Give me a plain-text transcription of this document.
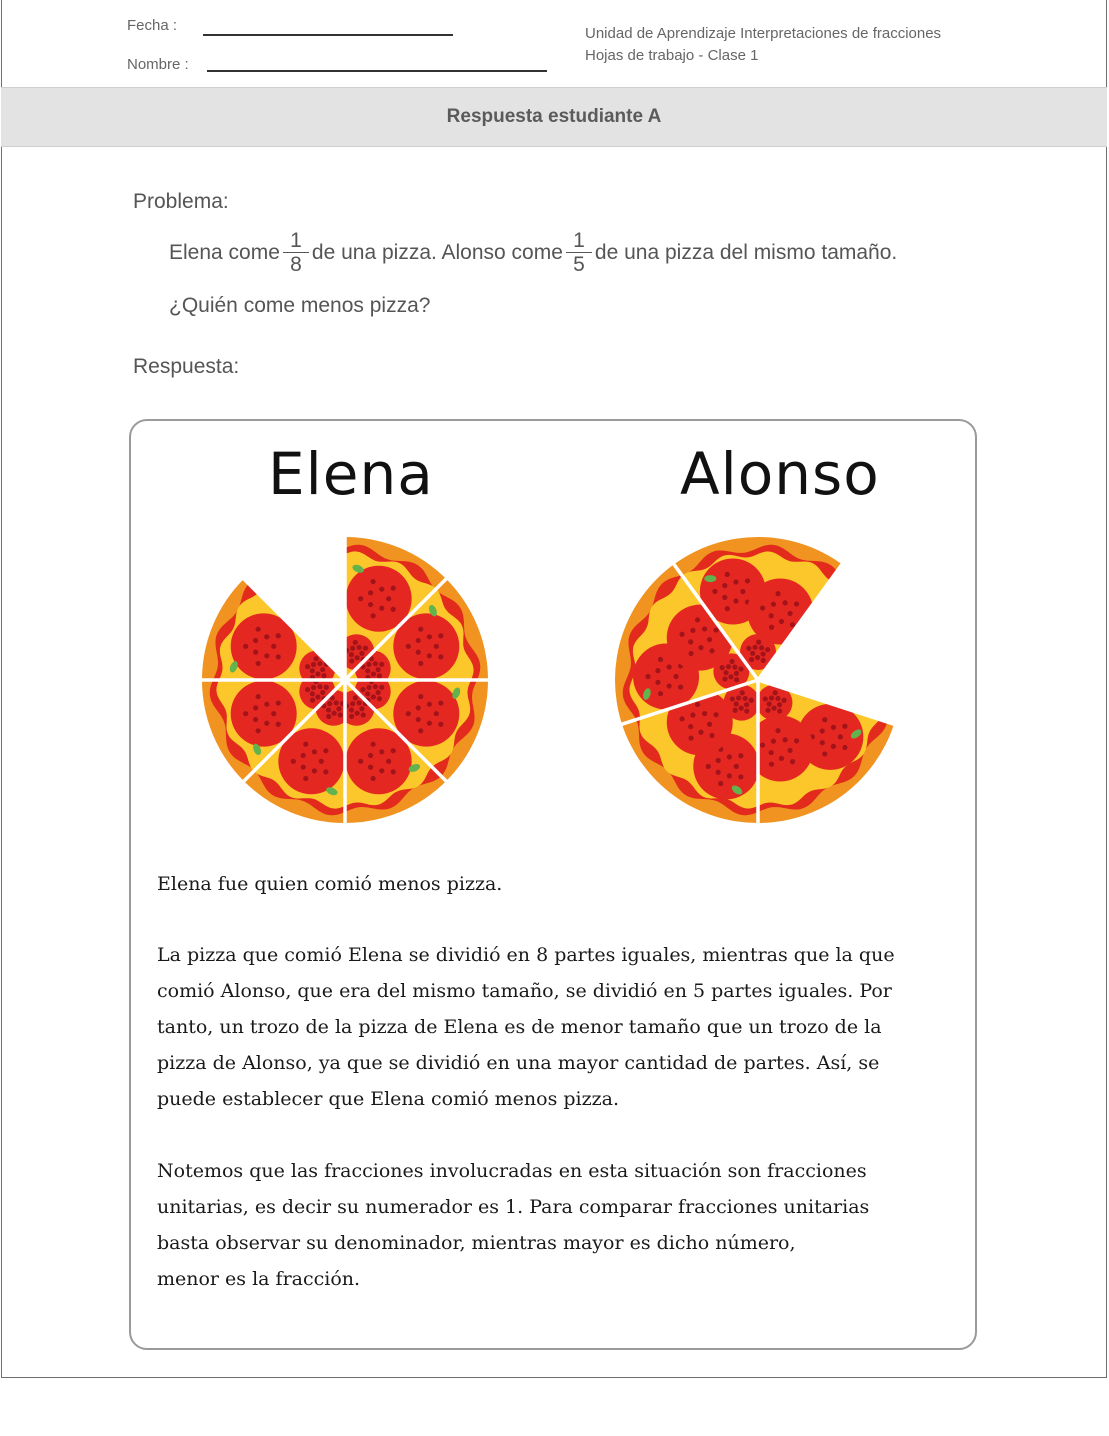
Fecha :
Nombre :
Unidad de Aprendizaje Interpretaciones de fracciones
Hojas de trabajo - Clase 1
Respuesta estudiante A
Problema:
Elena come $\frac{1}{8}$ de una pizza. Alonso come $\frac{1}{5}$ de una pizza del mismo tamaño.
¿Quién come menos pizza?
Respuesta:
Elena	Alonso
Elena fue quien comió menos pizza.
La pizza que comió Elena se dividió en 8 partes iguales, mientras que la que
comió Alonso, que era del mismo tamaño, se dividió en 5 partes iguales. Por
tanto, un trozo de la pizza de Elena es de menor tamaño que un trozo de la
pizza de Alonso, ya que se dividió en una mayor cantidad de partes. Así, se
puede establecer que Elena comió menos pizza.
Notemos que las fracciones involucradas en esta situación son fracciones
unitarias, es decir su numerador es 1. Para comparar fracciones unitarias
basta observar su denominador, mientras mayor es dicho número,
menor es la fracción.
